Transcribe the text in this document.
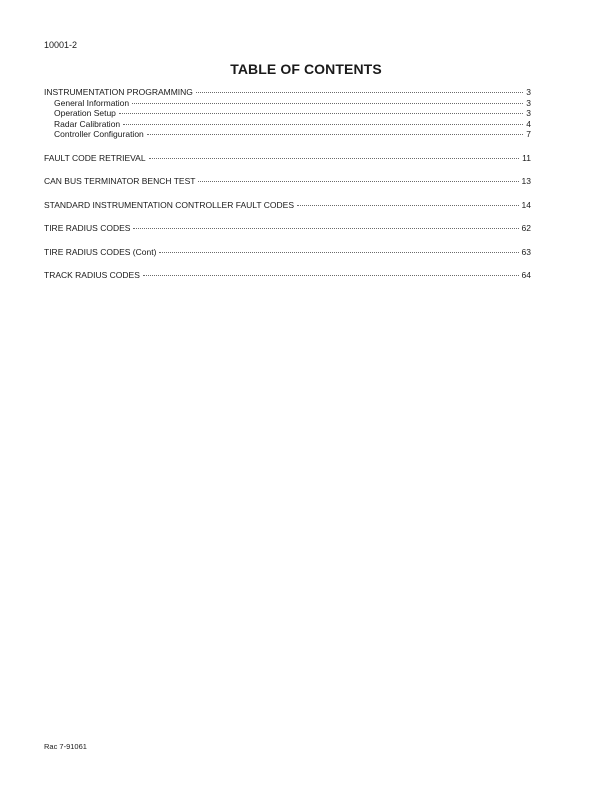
10001-2
TABLE OF CONTENTS
INSTRUMENTATION PROGRAMMING	3
General Information	3
Operation Setup	3
Radar Calibration	4
Controller Configuration	7
FAULT CODE RETRIEVAL	11
CAN BUS TERMINATOR BENCH TEST	13
STANDARD INSTRUMENTATION CONTROLLER FAULT CODES	14
TIRE RADIUS CODES	62
TIRE RADIUS CODES (Cont)	63
TRACK RADIUS CODES	64
Rac 7-91061
